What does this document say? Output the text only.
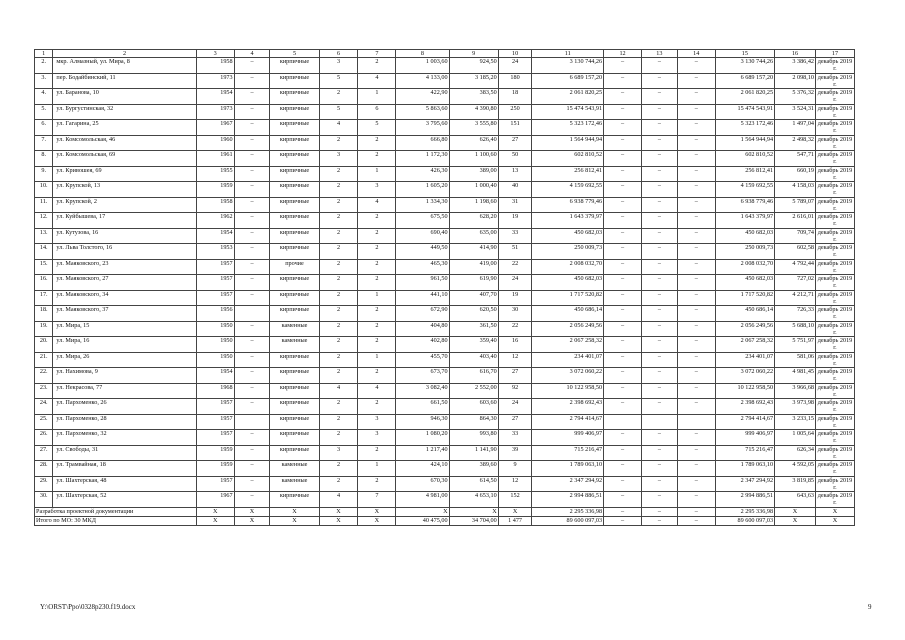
1	2	3	4	5	6	7	8	9	10	11	12	13	14	15	16	17
2.	мкр. Алмазный, ул. Мира, 8	1958	–	кирпичные	3	2	1 003,60	924,50	24	3 130 744,26	–	–	–	3 130 744,26	3 386,42	декабрь 2019 г.
3.	пер. Бодайбинский, 11	1973	–	кирпичные	5	4	4 133,00	3 185,20	180	6 689 157,20	–	–	–	6 689 157,20	2 098,10	декабрь 2019 г.
4.	ул. Баранова, 10	1954	–	кирпичные	2	1	422,90	383,50	18	2 061 820,25	–	–	–	2 061 820,25	5 376,32	декабрь 2019 г.
5.	ул. Бургустинская, 32	1973	–	кирпичные	5	6	5 863,60	4 390,80	250	15 474 543,91	–	–	–	15 474 543,91	3 524,31	декабрь 2019 г.
6.	ул. Гагарина, 25	1967	–	кирпичные	4	5	3 795,60	3 555,80	151	5 323 172,46	–	–	–	5 323 172,46	1 497,04	декабрь 2019 г.
7.	ул. Комсомольская, 46	1960	–	кирпичные	2	2	666,80	626,40	27	1 564 944,94	–	–	–	1 564 944,94	2 498,32	декабрь 2019 г.
8.	ул. Комсомольская, 69	1961	–	кирпичные	3	2	1 172,30	1 100,60	50	602 810,52	–	–	–	602 810,52	547,71	декабрь 2019 г.
9.	ул. Кривошея, 69	1955	–	кирпичные	2	1	426,30	389,00	13	256 812,41	–	–	–	256 812,41	660,19	декабрь 2019 г.
10.	ул. Крупской, 13	1959	–	кирпичные	2	3	1 605,20	1 000,40	40	4 159 692,55	–	–	–	4 159 692,55	4 158,03	декабрь 2019 г.
11.	ул. Крупской, 2	1958	–	кирпичные	2	4	1 334,30	1 198,60	31	6 938 779,46	–	–	–	6 938 779,46	5 789,07	декабрь 2019 г.
12.	ул. Куйбышева, 17	1962	–	кирпичные	2	2	675,50	628,20	19	1 643 379,97	–	–	–	1 643 379,97	2 616,01	декабрь 2019 г.
13.	ул. Кутузова, 16	1954	–	кирпичные	2	2	690,40	635,00	33	450 682,03	–	–	–	450 682,03	709,74	декабрь 2019 г.
14.	ул. Льва Толстого, 16	1953	–	кирпичные	2	2	449,50	414,90	51	250 009,73	–	–	–	250 009,73	602,58	декабрь 2019 г.
15.	ул. Маяковского, 23	1957	–	прочие	2	2	465,30	419,00	22	2 008 032,70	–	–	–	2 008 032,70	4 792,44	декабрь 2019 г.
16.	ул. Маяковского, 27	1957	–	кирпичные	2	2	961,50	619,90	24	450 682,03	–	–	–	450 682,03	727,02	декабрь 2019 г.
17.	ул. Маяковского, 34	1957	–	кирпичные	2	1	441,10	407,70	19	1 717 520,82	–	–	–	1 717 520,82	4 212,71	декабрь 2019 г.
18.	ул. Маяковского, 37	1956		кирпичные	2	2	672,90	620,50	30	450 686,14	–	–	–	450 686,14	726,33	декабрь 2019 г.
19.	ул. Мира, 15	1950	–	каменные	2	2	404,80	361,50	22	2 056 249,56	–	–	–	2 056 249,56	5 688,10	декабрь 2019 г.
20.	ул. Мира, 16	1950	–	каменные	2	2	402,80	359,40	16	2 067 258,32	–	–	–	2 067 258,32	5 751,97	декабрь 2019 г.
21.	ул. Мира, 26	1950	–	кирпичные	2	1	455,70	403,40	12	234 401,07	–	–	–	234 401,07	581,06	декабрь 2019 г.
22.	ул. Нахимова, 9	1954	–	кирпичные	2	2	673,70	616,70	27	3 072 060,22	–	–	–	3 072 060,22	4 981,45	декабрь 2019 г.
23.	ул. Некрасова, 77	1968	–	кирпичные	4	4	3 082,40	2 552,00	92	10 122 958,50	–	–	–	10 122 958,50	3 966,68	декабрь 2019 г.
24.	ул. Пархоменко, 26	1957	–	кирпичные	2	2	661,50	603,60	24	2 398 692,43	–	–	–	2 398 692,43	3 973,98	декабрь 2019 г.
25.	ул. Пархоменко, 28	1957		кирпичные	2	3	946,30	864,30	27	2 794 414,67				2 794 414,67	3 233,15	декабрь 2019 г.
26.	ул. Пархоменко, 32	1957	–	кирпичные	2	3	1 080,20	993,80	33	999 406,97	–	–	–	999 406,97	1 005,64	декабрь 2019 г.
27.	ул. Свободы, 31	1959	–	кирпичные	3	2	1 217,40	1 141,90	39	715 216,47	–	–	–	715 216,47	626,34	декабрь 2019 г.
28.	ул. Трамвайная, 18	1959	–	каменные	2	1	424,10	389,60	9	1 789 063,10	–	–	–	1 789 063,10	4 592,05	декабрь 2019 г.
29.	ул. Шахтерская, 48	1957	–	каменные	2	2	670,30	614,50	12	2 347 294,92	–	–	–	2 347 294,92	3 819,85	декабрь 2019 г.
30.	ул. Шахтерская, 52	1967	–	кирпичные	4	7	4 981,00	4 653,10	152	2 994 886,51	–	–	–	2 994 886,51	643,63	декабрь 2019 г.
Разработка проектной документации		X	X	X	X	X	X	X	X	2 295 336,98	–	–	–	2 295 336,98	X	X
Итого по МО: 30 МКД		X	X	X	X	X	40 475,00	34 704,00	1 477	89 600 097,03	–	–	–	89 600 097,03	X	X
Y:\ORST\Ppo\0328p230.f19.docx	9
